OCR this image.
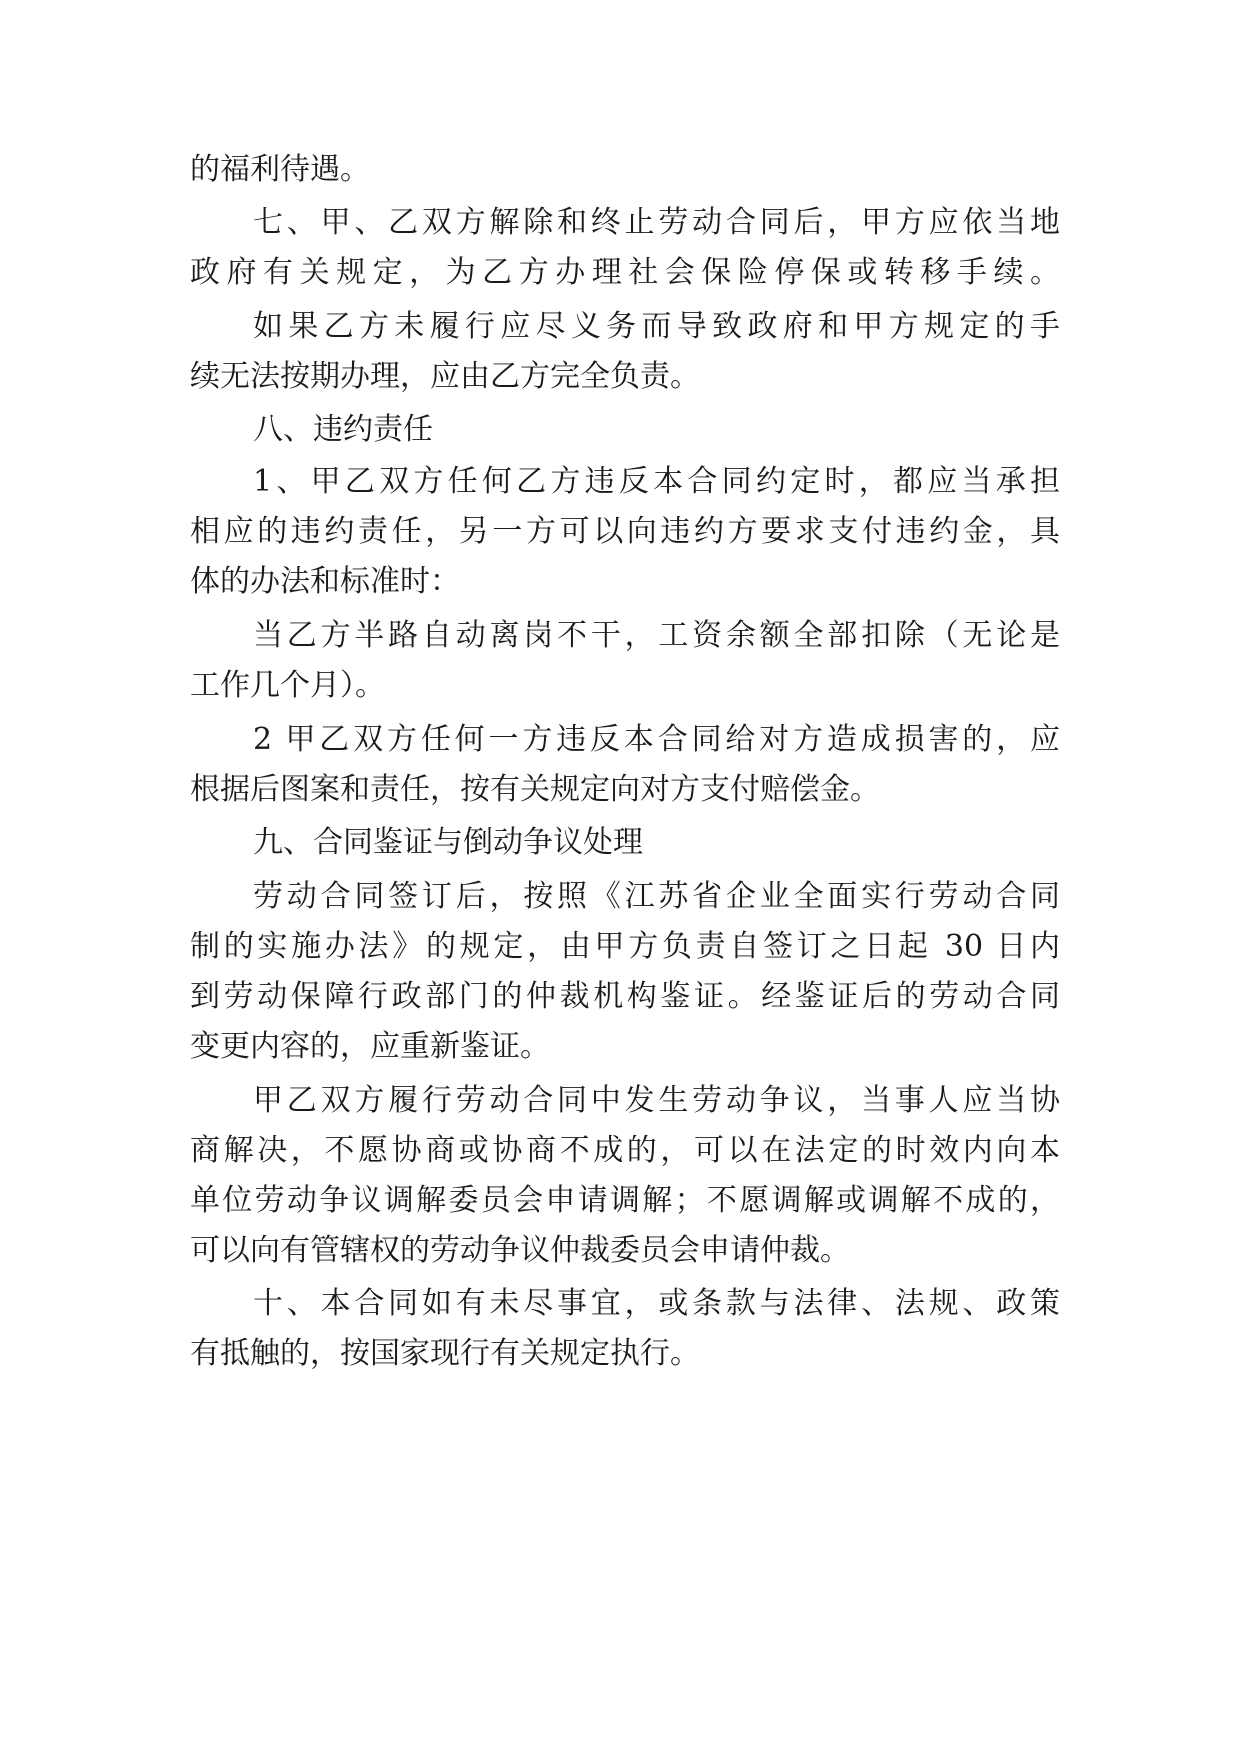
的福利待遇。
七、甲、乙双方解除和终止劳动合同后，甲方应依当地
政府有关规定，为乙方办理社会保险停保或转移手续。
如果乙方未履行应尽义务而导致政府和甲方规定的手
续无法按期办理，应由乙方完全负责。
八、违约责任
1、甲乙双方任何乙方违反本合同约定时，都应当承担
相应的违约责任，另一方可以向违约方要求支付违约金，具
体的办法和标准时：
当乙方半路自动离岗不干，工资余额全部扣除（无论是
工作几个月）。
2 甲乙双方任何一方违反本合同给对方造成损害的，应
根据后图案和责任，按有关规定向对方支付赔偿金。
九、合同鉴证与倒动争议处理
劳动合同签订后，按照《江苏省企业全面实行劳动合同
制的实施办法》的规定，由甲方负责自签订之日起 30 日内
到劳动保障行政部门的仲裁机构鉴证。经鉴证后的劳动合同
变更内容的，应重新鉴证。
甲乙双方履行劳动合同中发生劳动争议，当事人应当协
商解决，不愿协商或协商不成的，可以在法定的时效内向本
单位劳动争议调解委员会申请调解；不愿调解或调解不成的，
可以向有管辖权的劳动争议仲裁委员会申请仲裁。
十、本合同如有未尽事宜，或条款与法律、法规、政策
有抵触的，按国家现行有关规定执行。
